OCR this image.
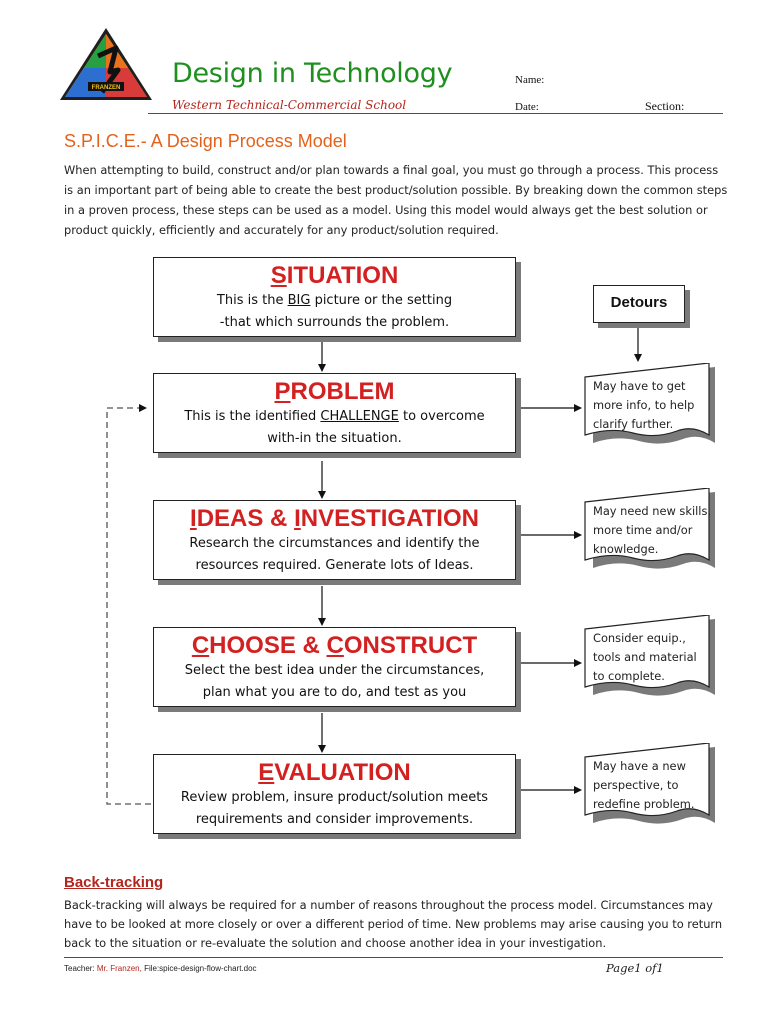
FRANZEN Design in Technology
Western Technical-Commercial School
Name:
Date:	Section:
S.P.I.C.E.- A Design Process Model
When attempting to build, construct and/or plan towards a final goal, you must go through a process. This process is an important part of being able to create the best product/solution possible. By breaking down the common steps in a proven process, these steps can be used as a model. Using this model would always get the best solution or product quickly, efficiently and accurately for any product/solution required.
SITUATION
This is the BIG picture or the setting
-that which surrounds the problem.
PROBLEM
This is the identified CHALLENGE to overcome
with-in the situation.
IDEAS & INVESTIGATION
Research the circumstances and identify the
resources required. Generate lots of Ideas.
CHOOSE & CONSTRUCT
Select the best idea under the circumstances,
plan what you are to do, and test as you
EVALUATION
Review problem, insure product/solution meets
requirements and consider improvements.
Detours
May have to get more info, to help clarify further.
May need new skills, more time and/or knowledge.
Consider equip., tools and material to complete.
May have a new perspective, to redefine problem.
Back-tracking
Back-tracking will always be required for a number of reasons throughout the process model. Circumstances may have to be looked at more closely or over a different period of time. New problems may arise causing you to return back to the situation or re-evaluate the solution and choose another idea in your investigation.
Teacher: Mr. Franzen, File:spice-design-flow-chart.doc	Page1 of1
